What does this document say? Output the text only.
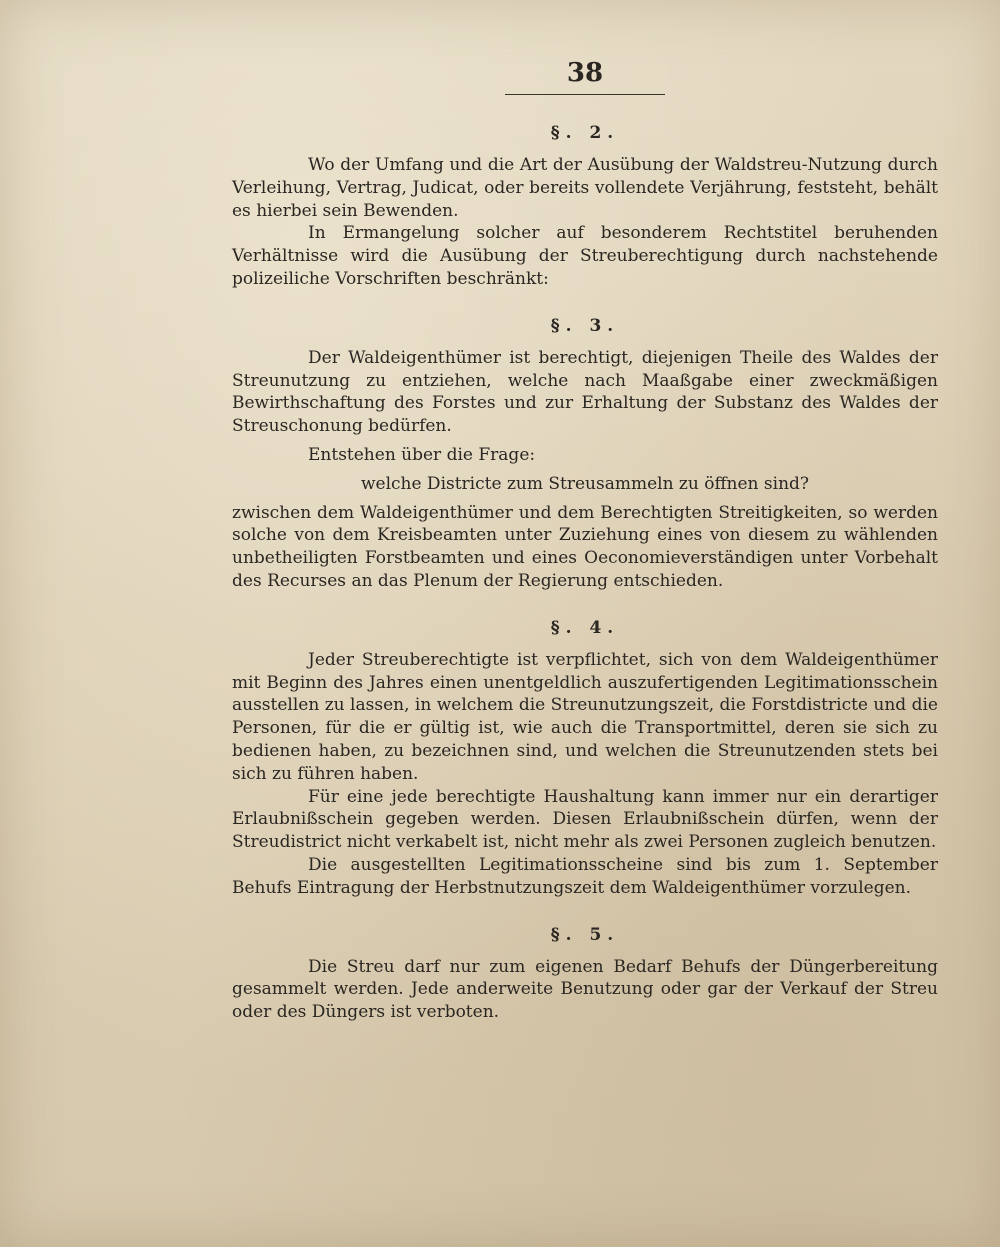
38
§. 2.

Wo der Umfang und die Art der Ausübung der Waldstreu-Nutzung durch Verleihung, Vertrag, Judicat, oder bereits vollendete Verjährung, feststeht, behält es hierbei sein Bewenden.

In Ermangelung solcher auf besonderem Rechtstitel beruhenden Verhältnisse wird die Ausübung der Streuberechtigung durch nachstehende polizeiliche Vorschriften beschränkt:

§. 3.

Der Waldeigenthümer ist berechtigt, diejenigen Theile des Waldes der Streunutzung zu entziehen, welche nach Maaßgabe einer zweckmäßigen Bewirthschaftung des Forstes und zur Erhaltung der Substanz des Waldes der Streuschonung bedürfen.

Entstehen über die Frage:

welche Districte zum Streusammeln zu öffnen sind?

zwischen dem Waldeigenthümer und dem Berechtigten Streitigkeiten, so werden solche von dem Kreisbeamten unter Zuziehung eines von diesem zu wählenden unbetheiligten Forstbeamten und eines Oeconomieverständigen unter Vorbehalt des Recurses an das Plenum der Regierung entschieden.

§. 4.

Jeder Streuberechtigte ist verpflichtet, sich von dem Waldeigenthümer mit Beginn des Jahres einen unentgeldlich auszufertigenden Legitimationsschein ausstellen zu lassen, in welchem die Streunutzungszeit, die Forstdistricte und die Personen, für die er gültig ist, wie auch die Transportmittel, deren sie sich zu bedienen haben, zu bezeichnen sind, und welchen die Streunutzenden stets bei sich zu führen haben.

Für eine jede berechtigte Haushaltung kann immer nur ein derartiger Erlaubnißschein gegeben werden. Diesen Erlaubnißschein dürfen, wenn der Streudistrict nicht verkabelt ist, nicht mehr als zwei Personen zugleich benutzen.

Die ausgestellten Legitimationsscheine sind bis zum 1. September Behufs Eintragung der Herbstnutzungszeit dem Waldeigenthümer vorzulegen.

§. 5.

Die Streu darf nur zum eigenen Bedarf Behufs der Düngerbereitung gesammelt werden. Jede anderweite Benutzung oder gar der Verkauf der Streu oder des Düngers ist verboten.
